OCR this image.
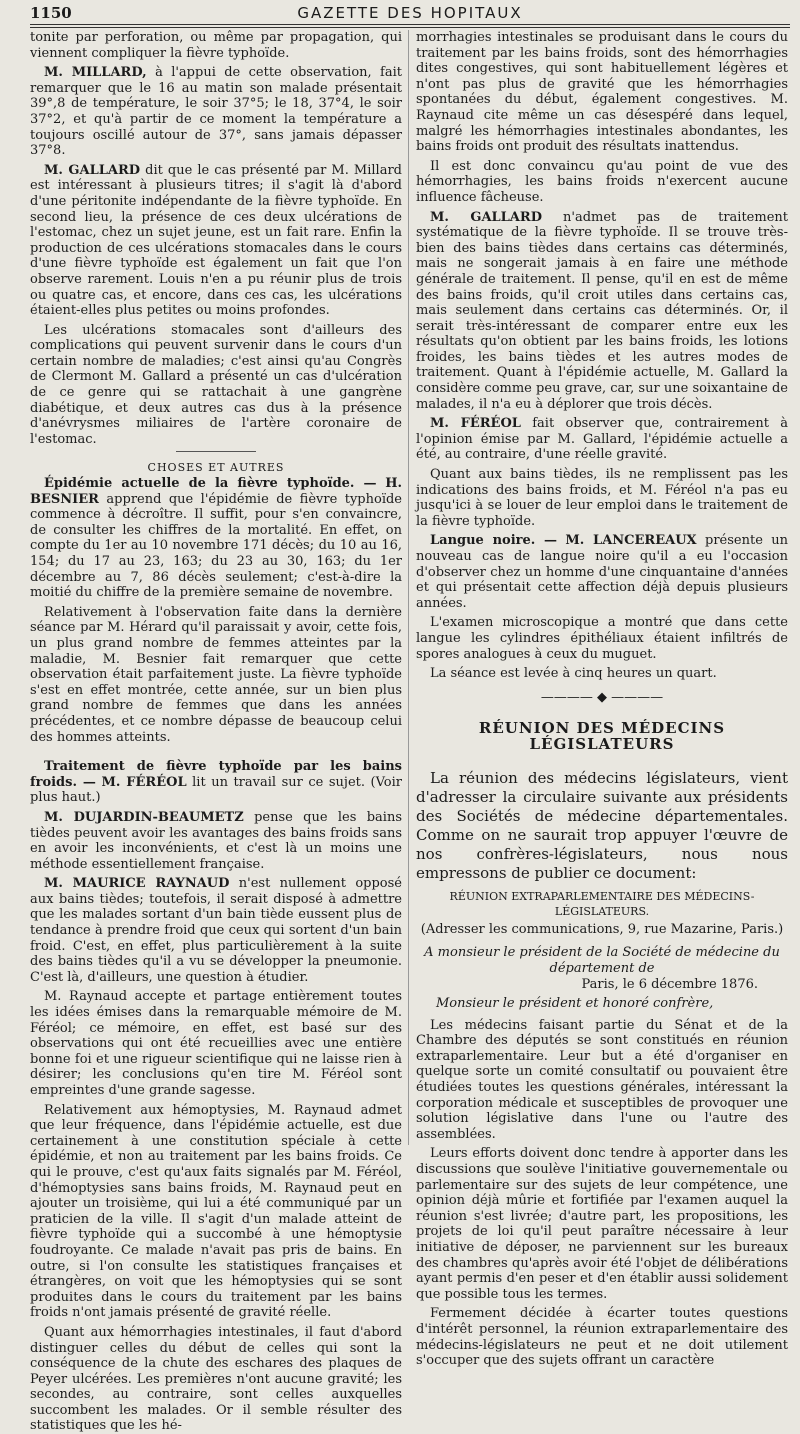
1150	GAZETTE DES HOPITAUX

tonite par perforation, ou même par propagation, qui viennent compliquer la fièvre typhoïde.

M. MILLARD, à l'appui de cette observation, fait remarquer que le 16 au matin son malade présentait 39°,8 de température, le soir 37°5; le 18, 37°4, le soir 37°2, et qu'à partir de ce moment la température a toujours oscillé autour de 37°, sans jamais dépasser 37°8.

M. GALLARD dit que le cas présenté par M. Millard est intéressant à plusieurs titres; il s'agit là d'abord d'une péritonite indépendante de la fièvre typhoïde. En second lieu, la présence de ces deux ulcérations de l'estomac, chez un sujet jeune, est un fait rare. Enfin la production de ces ulcérations stomacales dans le cours d'une fièvre typhoïde est également un fait que l'on observe rarement. Louis n'en a pu réunir plus de trois ou quatre cas, et encore, dans ces cas, les ulcérations étaient-elles plus petites ou moins profondes.

Les ulcérations stomacales sont d'ailleurs des complications qui peuvent survenir dans le cours d'un certain nombre de maladies; c'est ainsi qu'au Congrès de Clermont M. Gallard a présenté un cas d'ulcération de ce genre qui se rattachait à une gangrène diabétique, et deux autres cas dus à la présence d'anévrysmes miliaires de l'artère coronaire de l'estomac.

CHOSES ET AUTRES

Épidémie actuelle de la fièvre typhoïde. — H. BESNIER apprend que l'épidémie de fièvre typhoïde commence à décroître. Il suffit, pour s'en convaincre, de consulter les chiffres de la mortalité. En effet, on compte du 1er au 10 novembre 171 décès; du 10 au 16, 154; du 17 au 23, 163; du 23 au 30, 163; du 1er décembre au 7, 86 décès seulement; c'est-à-dire la moitié du chiffre de la première semaine de novembre.

Relativement à l'observation faite dans la dernière séance par M. Hérard qu'il paraissait y avoir, cette fois, un plus grand nombre de femmes atteintes par la maladie, M. Besnier fait remarquer que cette observation était parfaitement juste. La fièvre typhoïde s'est en effet montrée, cette année, sur un bien plus grand nombre de femmes que dans les années précédentes, et ce nombre dépasse de beaucoup celui des hommes atteints.

Traitement de fièvre typhoïde par les bains froids. — M. FÉRÉOL lit un travail sur ce sujet. (Voir plus haut.)

M. DUJARDIN-BEAUMETZ pense que les bains tièdes peuvent avoir les avantages des bains froids sans en avoir les inconvénients, et c'est là un moins une méthode essentiellement française.

M. MAURICE RAYNAUD n'est nullement opposé aux bains tièdes; toutefois, il serait disposé à admettre que les malades sortant d'un bain tiède eussent plus de tendance à prendre froid que ceux qui sortent d'un bain froid. C'est, en effet, plus particulièrement à la suite des bains tièdes qu'il a vu se développer la pneumonie. C'est là, d'ailleurs, une question à étudier.

M. Raynaud accepte et partage entièrement toutes les idées émises dans la remarquable mémoire de M. Féréol; ce mémoire, en effet, est basé sur des observations qui ont été recueillies avec une entière bonne foi et une rigueur scientifique qui ne laisse rien à désirer; les conclusions qu'en tire M. Féréol sont empreintes d'une grande sagesse.

Relativement aux hémoptysies, M. Raynaud admet que leur fréquence, dans l'épidémie actuelle, est due certainement à une constitution spéciale à cette épidémie, et non au traitement par les bains froids. Ce qui le prouve, c'est qu'aux faits signalés par M. Féréol, d'hémoptysies sans bains froids, M. Raynaud peut en ajouter un troisième, qui lui a été communiqué par un praticien de la ville. Il s'agit d'un malade atteint de fièvre typhoïde qui a succombé à une hémoptysie foudroyante. Ce malade n'avait pas pris de bains. En outre, si l'on consulte les statistiques françaises et étrangères, on voit que les hémoptysies qui se sont produites dans le cours du traitement par les bains froids n'ont jamais présenté de gravité réelle.

Quant aux hémorrhagies intestinales, il faut d'abord distinguer celles du début de celles qui sont la conséquence de la chute des eschares des plaques de Peyer ulcérées. Les premières n'ont aucune gravité; les secondes, au contraire, sont celles auxquelles succombent les malades. Or il semble résulter des statistiques que les hé-

morrhagies intestinales se produisant dans le cours du traitement par les bains froids, sont des hémorrhagies dites congestives, qui sont habituellement légères et n'ont pas plus de gravité que les hémorrhagies spontanées du début, également congestives. M. Raynaud cite même un cas désespéré dans lequel, malgré les hémorrhagies intestinales abondantes, les bains froids ont produit des résultats inattendus.

Il est donc convaincu qu'au point de vue des hémorrhagies, les bains froids n'exercent aucune influence fâcheuse.

M. GALLARD n'admet pas de traitement systématique de la fièvre typhoïde. Il se trouve très-bien des bains tièdes dans certains cas déterminés, mais ne songerait jamais à en faire une méthode générale de traitement. Il pense, qu'il en est de même des bains froids, qu'il croit utiles dans certains cas, mais seulement dans certains cas déterminés. Or, il serait très-intéressant de comparer entre eux les résultats qu'on obtient par les bains froids, les lotions froides, les bains tièdes et les autres modes de traitement. Quant à l'épidémie actuelle, M. Gallard la considère comme peu grave, car, sur une soixantaine de malades, il n'a eu à déplorer que trois décès.

M. FÉRÉOL fait observer que, contrairement à l'opinion émise par M. Gallard, l'épidémie actuelle a été, au contraire, d'une réelle gravité.

Quant aux bains tièdes, ils ne remplissent pas les indications des bains froids, et M. Féréol n'a pas eu jusqu'ici à se louer de leur emploi dans le traitement de la fièvre typhoïde.

Langue noire. — M. LANCEREAUX présente un nouveau cas de langue noire qu'il a eu l'occasion d'observer chez un homme d'une cinquantaine d'années et qui présentait cette affection déjà depuis plusieurs années.

L'examen microscopique a montré que dans cette langue les cylindres épithéliaux étaient infiltrés de spores analogues à ceux du muguet.

La séance est levée à cinq heures un quart.

———— ◆ ————

RÉUNION DES MÉDECINS LÉGISLATEURS

La réunion des médecins législateurs, vient d'adresser la circulaire suivante aux présidents des Sociétés de médecine départementales. Comme on ne saurait trop appuyer l'œuvre de nos confrères-législateurs, nous nous empressons de publier ce document:

RÉUNION EXTRAPARLEMENTAIRE DES MÉDECINS-LÉGISLATEURS.

(Adresser les communications, 9, rue Mazarine, Paris.)

A monsieur le président de la Société de médecine du département de

Paris, le 6 décembre 1876.

Monsieur le président et honoré confrère,

Les médecins faisant partie du Sénat et de la Chambre des députés se sont constitués en réunion extraparlementaire. Leur but a été d'organiser en quelque sorte un comité consultatif ou pouvaient être étudiées toutes les questions générales, intéressant la corporation médicale et susceptibles de provoquer une solution législative dans l'une ou l'autre des assemblées.

Leurs efforts doivent donc tendre à apporter dans les discussions que soulève l'initiative gouvernementale ou parlementaire sur des sujets de leur compétence, une opinion déjà mûrie et fortifiée par l'examen auquel la réunion s'est livrée; d'autre part, les propositions, les projets de loi qu'il peut paraître nécessaire à leur initiative de déposer, ne parviennent sur les bureaux des chambres qu'après avoir été l'objet de délibérations ayant permis d'en peser et d'en établir aussi solidement que possible tous les termes.

Fermement décidée à écarter toutes questions d'intérêt personnel, la réunion extraparlementaire des médecins-législateurs ne peut et ne doit utilement s'occuper que des sujets offrant un caractère
